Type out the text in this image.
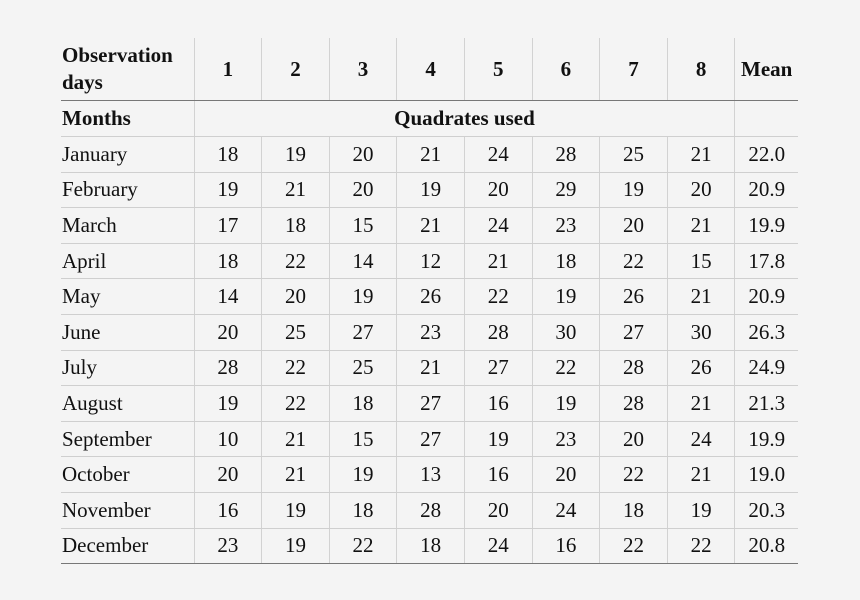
Observation days	1	2	3	4	5	6	7	8	Mean
Months	Quadrates used								
January	18	19	20	21	24	28	25	21	22.0
February	19	21	20	19	20	29	19	20	20.9
March	17	18	15	21	24	23	20	21	19.9
April	18	22	14	12	21	18	22	15	17.8
May	14	20	19	26	22	19	26	21	20.9
June	20	25	27	23	28	30	27	30	26.3
July	28	22	25	21	27	22	28	26	24.9
August	19	22	18	27	16	19	28	21	21.3
September	10	21	15	27	19	23	20	24	19.9
October	20	21	19	13	16	20	22	21	19.0
November	16	19	18	28	20	24	18	19	20.3
December	23	19	22	18	24	16	22	22	20.8
